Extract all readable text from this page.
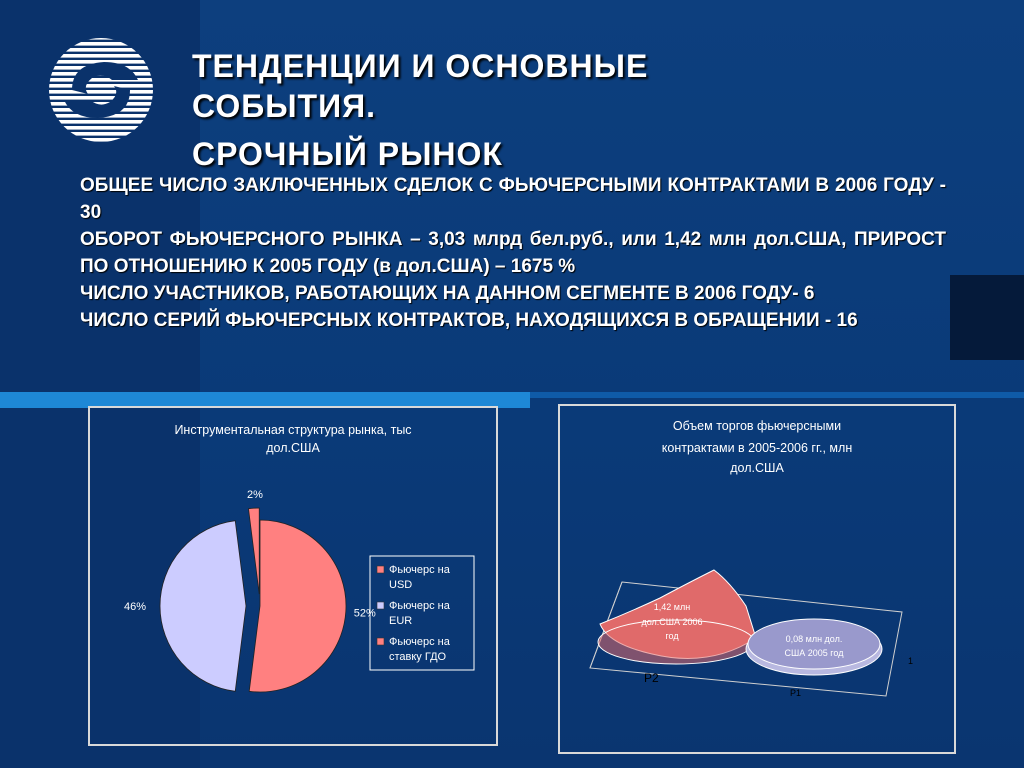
ТЕНДЕНЦИИ И ОСНОВНЫЕ
СОБЫТИЯ.
СРОЧНЫЙ РЫНОК

ОБЩЕЕ ЧИСЛО ЗАКЛЮЧЕННЫХ СДЕЛОК С ФЬЮЧЕРСНЫМИ КОНТРАКТАМИ В 2006 ГОДУ - 30

ОБОРОТ ФЬЮЧЕРСНОГО РЫНКА – 3,03 млрд бел.руб., или 1,42 млн дол.США, ПРИРОСТ ПО ОТНОШЕНИЮ К 2005 ГОДУ (в дол.США) – 1675 %

ЧИСЛО УЧАСТНИКОВ, РАБОТАЮЩИХ НА ДАННОМ СЕГМЕНТЕ В 2006 ГОДУ- 6

ЧИСЛО СЕРИЙ ФЬЮЧЕРСНЫХ КОНТРАКТОВ, НАХОДЯЩИХСЯ В ОБРАЩЕНИИ - 16

Инструментальная структура рынка, тыс
дол.США
52%
46%
2%
Фьючерс на
USD
Фьючерс на
EUR
Фьючерс на
ставку ГДО
Объем торгов фьючерсными
контрактами в 2005-2006 гг., млн
дол.США
1,42 млн
дол.США 2006
год	0,08 млн дол.
США 2005 год
P2
P1
1
